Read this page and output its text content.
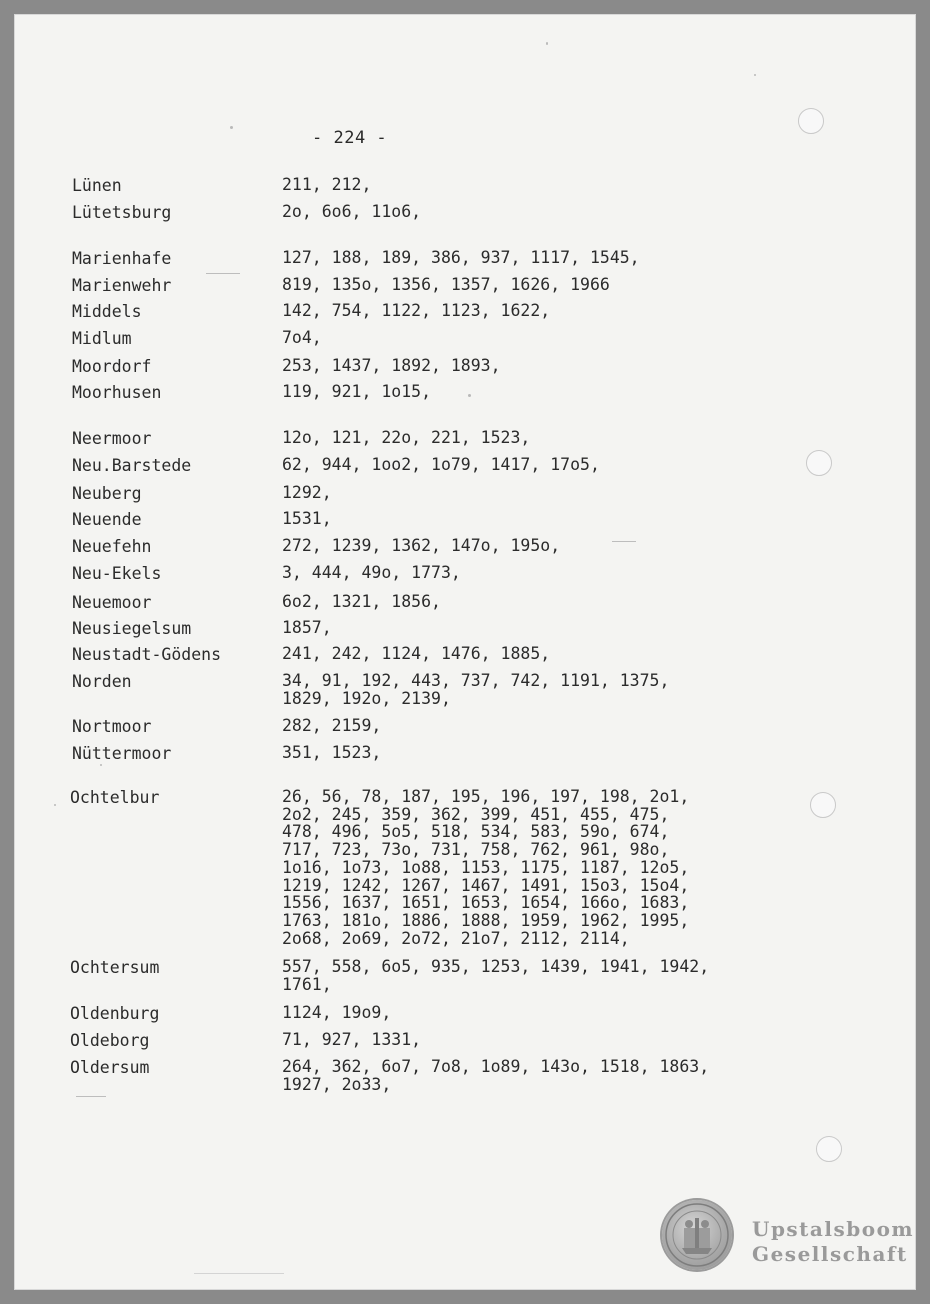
- 224 -
Lünen	211, 212,
Lütetsburg	2o, 6o6, 11o6,
Marienhafe	127, 188, 189, 386, 937, 1117, 1545,
Marienwehr	819, 135o, 1356, 1357, 1626, 1966
Middels	142, 754, 1122, 1123, 1622,
Midlum	7o4,
Moordorf	253, 1437, 1892, 1893,
Moorhusen	119, 921, 1o15,
Neermoor	12o, 121, 22o, 221, 1523,
Neu.Barstede	62, 944, 1oo2, 1o79, 1417, 17o5,
Neuberg	1292,
Neuende	1531,
Neuefehn	272, 1239, 1362, 147o, 195o,
Neu-Ekels	3, 444, 49o, 1773,
Neuemoor	6o2, 1321, 1856,
Neusiegelsum	1857,
Neustadt-Gödens	241, 242, 1124, 1476, 1885,
Norden	34, 91, 192, 443, 737, 742, 1191, 1375,
1829, 192o, 2139,
Nortmoor	282, 2159,
Nüttermoor	351, 1523,
Ochtelbur	26, 56, 78, 187, 195, 196, 197, 198, 2o1,
2o2, 245, 359, 362, 399, 451, 455, 475,
478, 496, 5o5, 518, 534, 583, 59o, 674,
717, 723, 73o, 731, 758, 762, 961, 98o,
1o16, 1o73, 1o88, 1153, 1175, 1187, 12o5,
1219, 1242, 1267, 1467, 1491, 15o3, 15o4,
1556, 1637, 1651, 1653, 1654, 166o, 1683,
1763, 181o, 1886, 1888, 1959, 1962, 1995,
2o68, 2o69, 2o72, 21o7, 2112, 2114,
Ochtersum	557, 558, 6o5, 935, 1253, 1439, 1941, 1942,
1761,
Oldenburg	1124, 19o9,
Oldeborg	71, 927, 1331,
Oldersum	264, 362, 6o7, 7o8, 1o89, 143o, 1518, 1863,
1927, 2o33,
Upstalsboom
Gesellschaft
